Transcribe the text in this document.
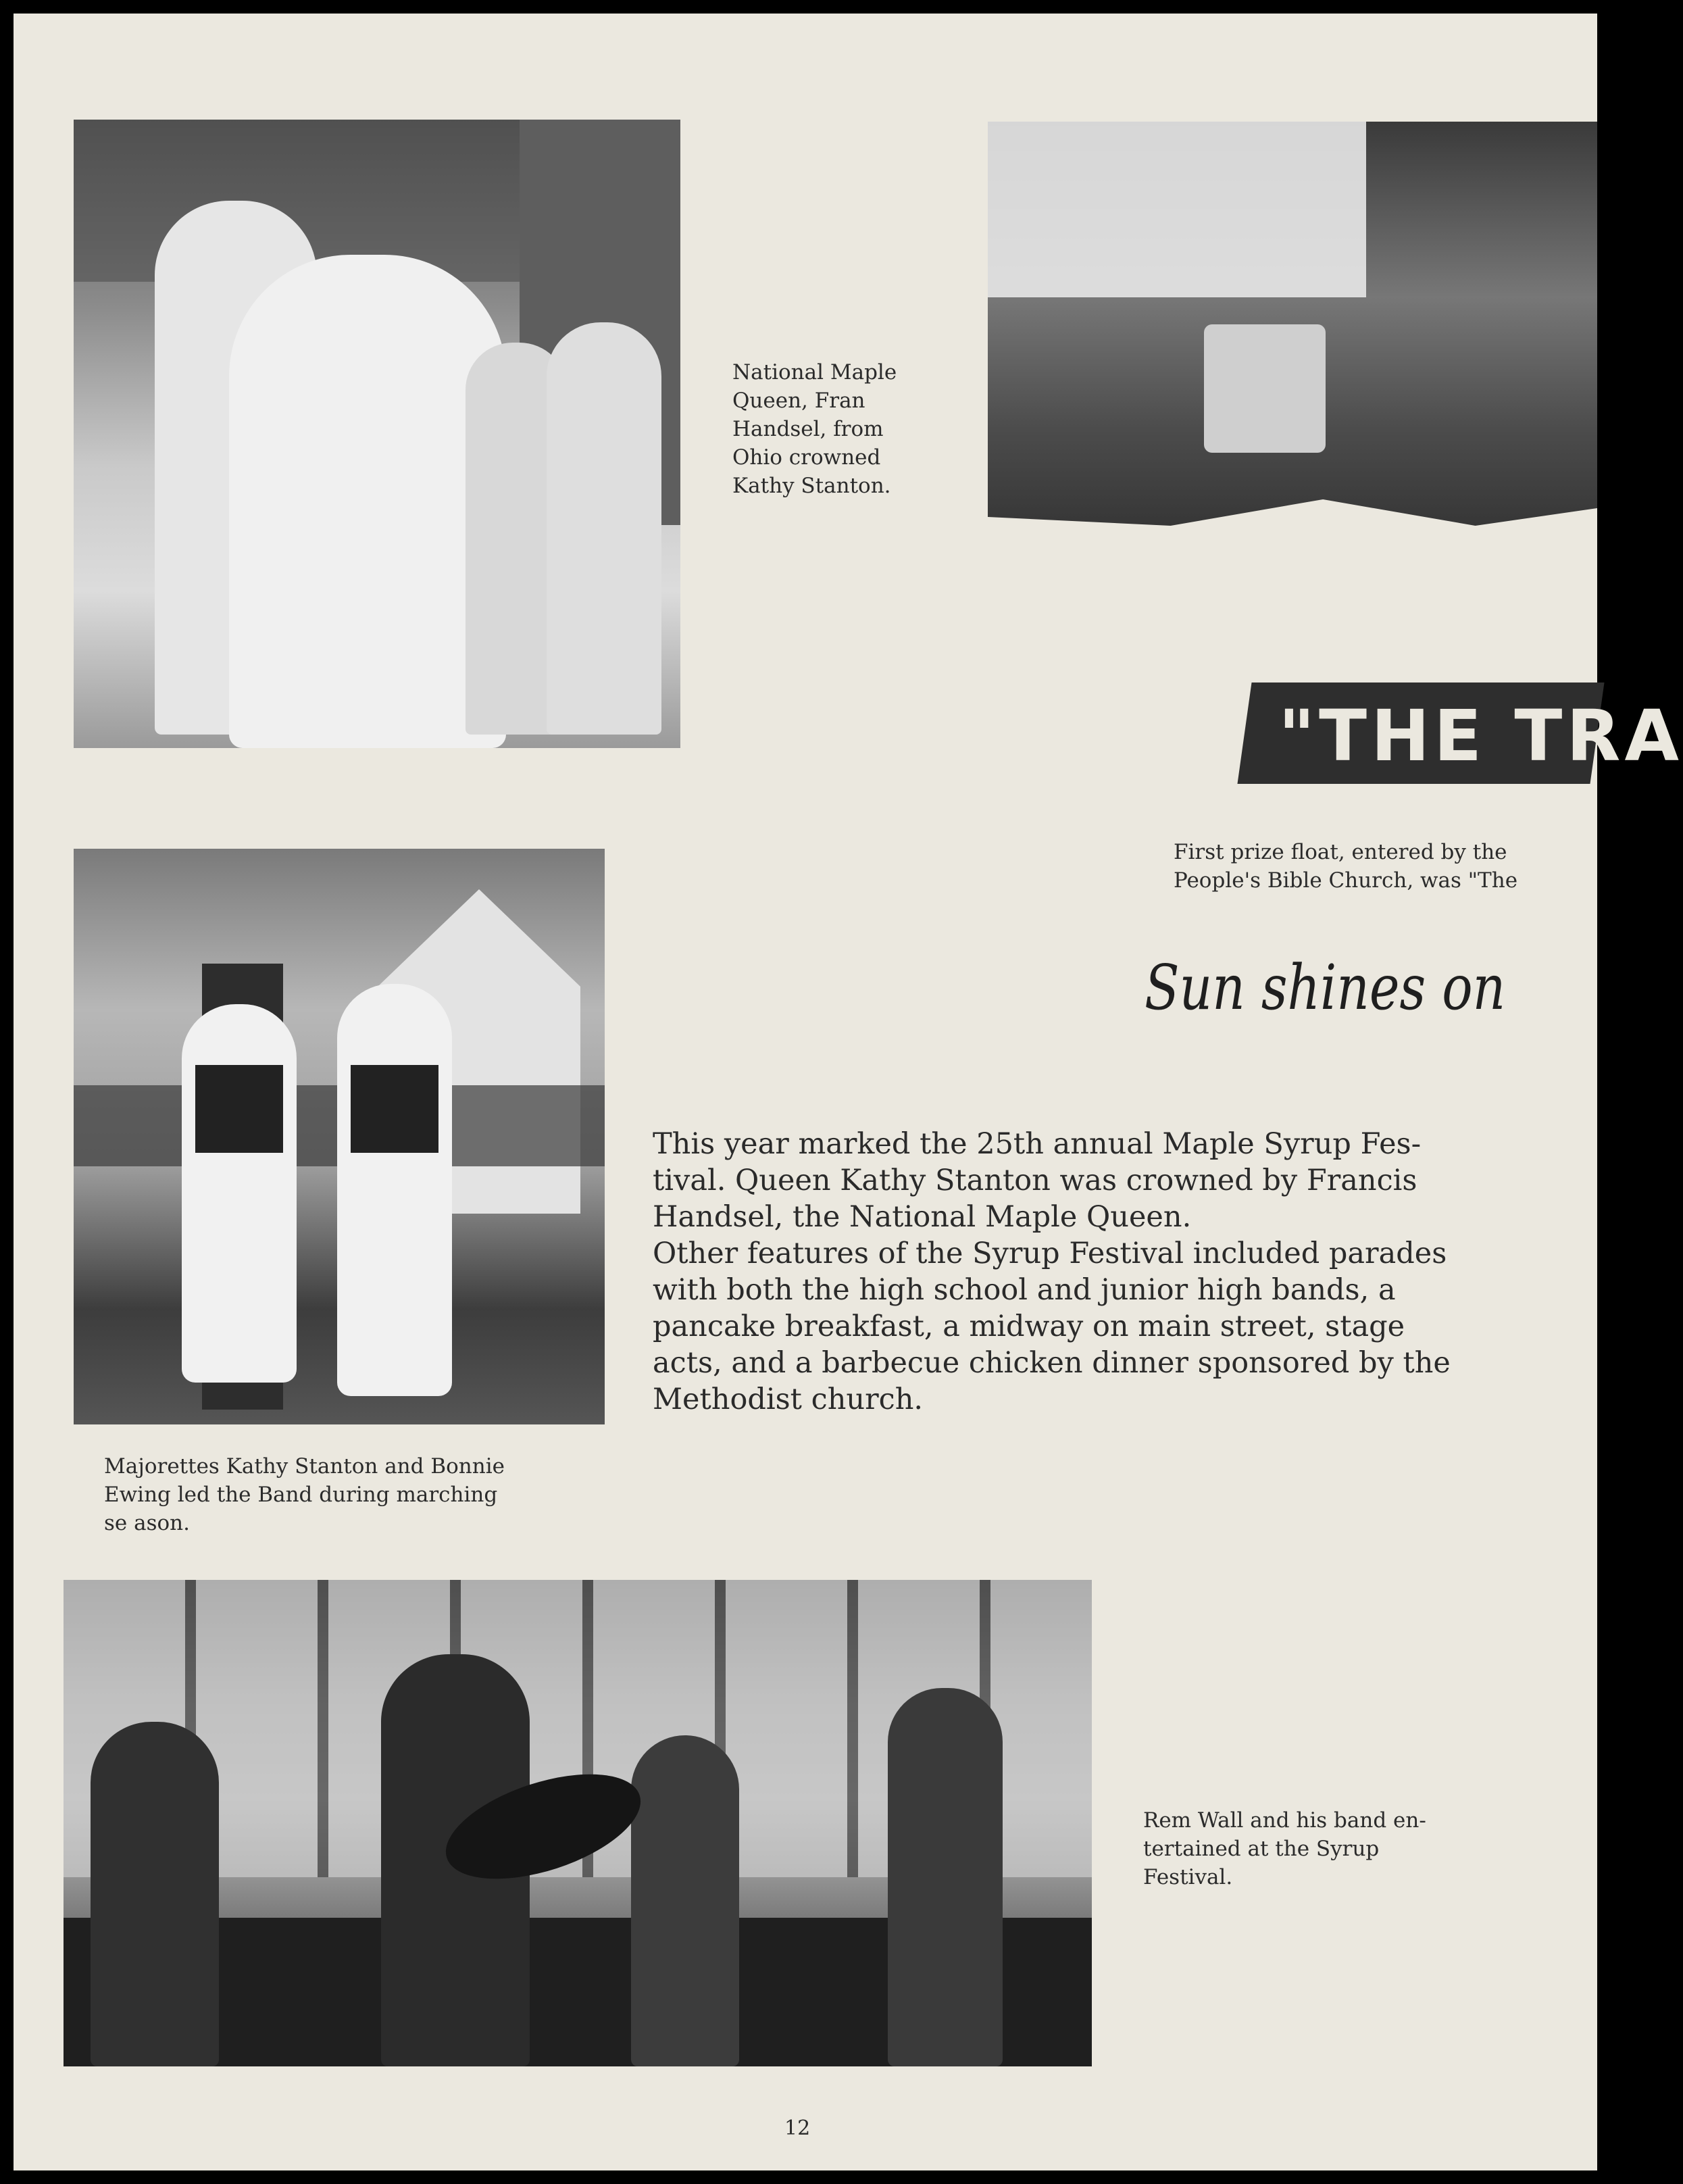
National Maple
Queen, Fran
Handsel, from
Ohio crowned
Kathy Stanton.

"THE TRA

First prize float, entered by the
People's Bible Church, was "The

Sun shines on

Majorettes Kathy Stanton and Bonnie
Ewing led the Band during marching
se ason.

This year marked the 25th annual Maple Syrup Fes-
tival. Queen Kathy Stanton was crowned by Francis
Handsel, the National Maple Queen.
Other features of the Syrup Festival included parades
with both the high school and junior high bands, a
pancake breakfast, a midway on main street, stage
acts, and a barbecue chicken dinner sponsored by the
Methodist church.

Rem Wall and his band en-
tertained at the Syrup
Festival.

12
